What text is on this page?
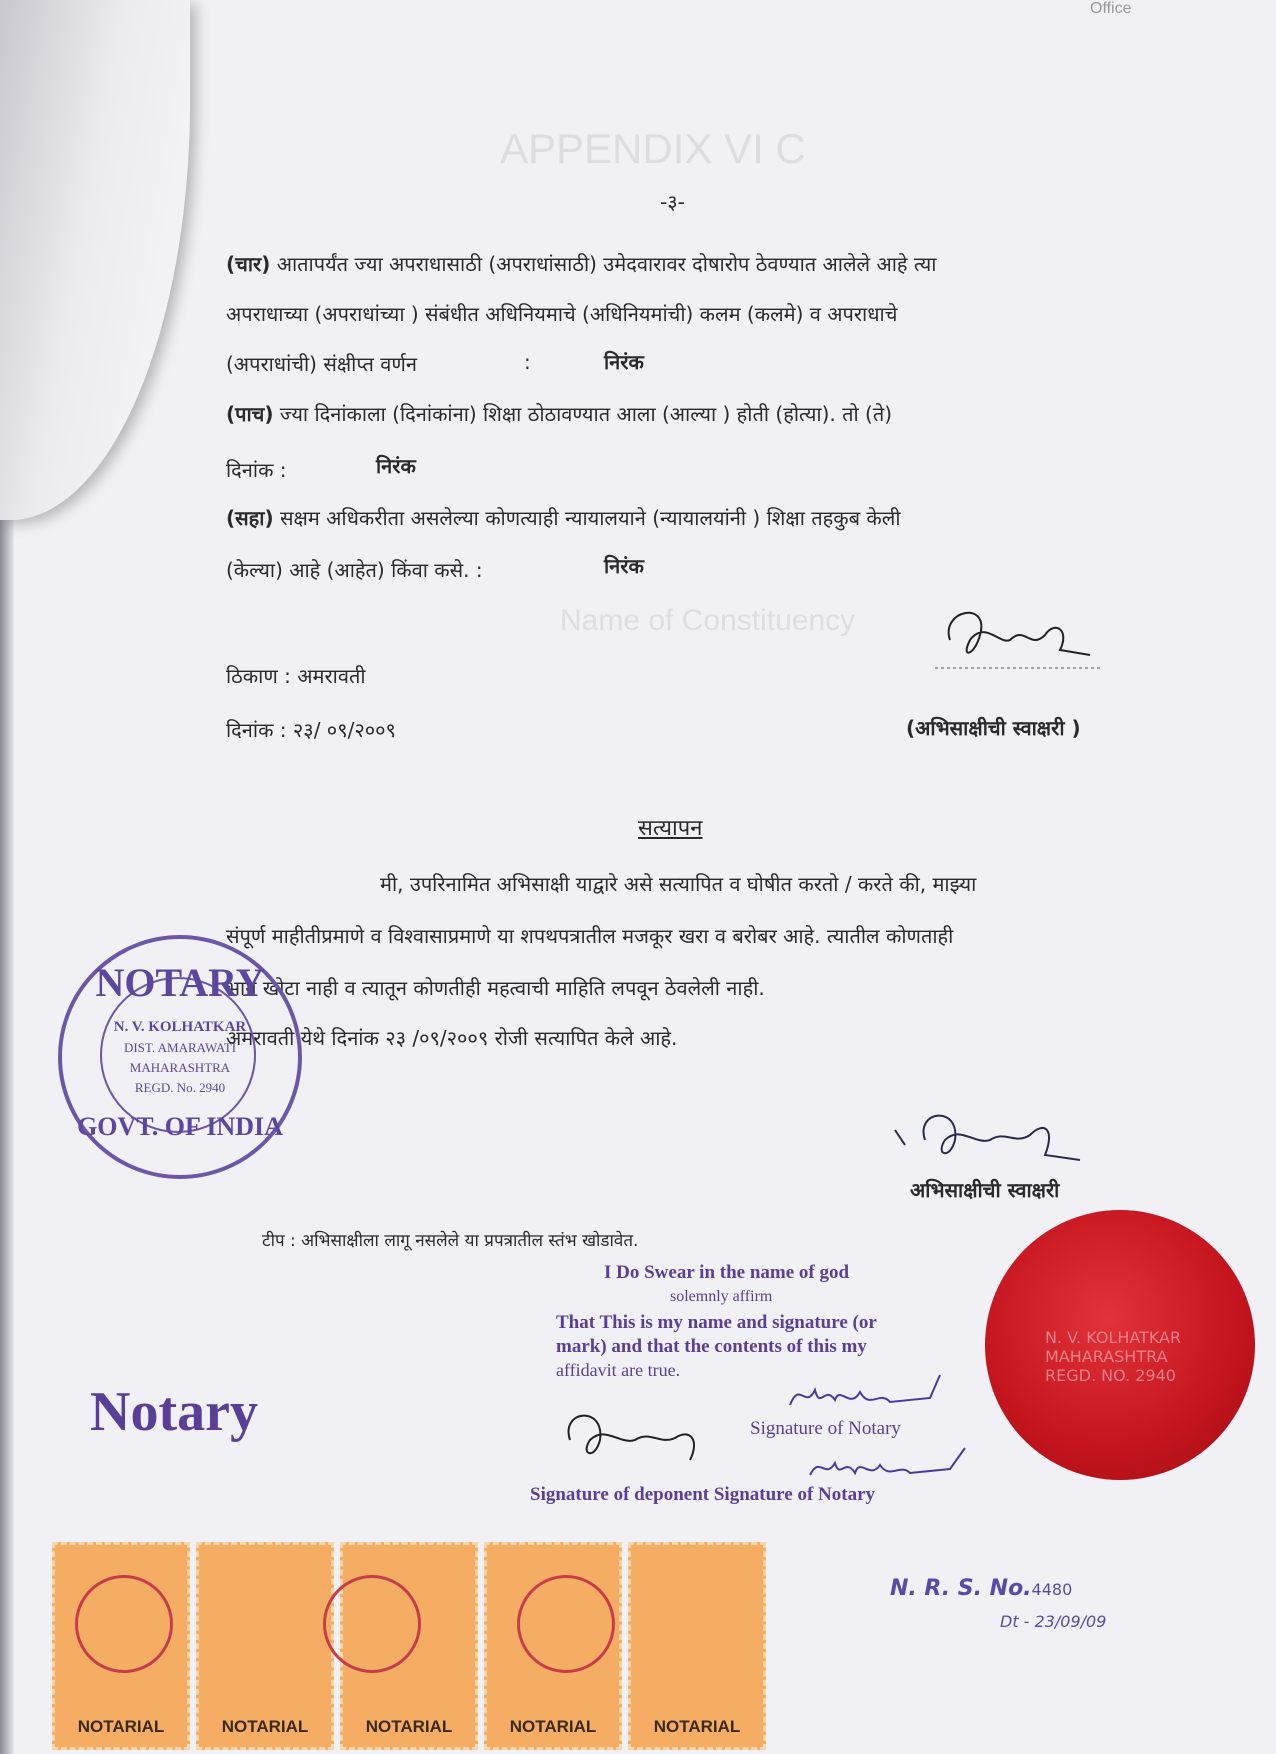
APPENDIX VI C
Name of Constituency
Office
-३-
(चार) आतापर्यंत ज्या अपराधासाठी (अपराधांसाठी) उमेदवारावर दोषारोप ठेवण्यात आलेले आहे त्या
अपराधाच्या (अपराधांच्या ) संबंधीत अधिनियमाचे (अधिनियमांची) कलम (कलमे) व अपराधाचे
(अपराधांची) संक्षीप्त वर्णन	:	निरंक
(पाच) ज्या दिनांकाला (दिनांकांना) शिक्षा ठोठावण्यात आला (आल्या ) होती (होत्या). तो (ते)
दिनांक :	निरंक
(सहा) सक्षम अधिकरीता असलेल्या कोणत्याही न्यायालयाने (न्यायालयांनी ) शिक्षा तहकुब केली
(केल्या) आहे (आहेत) किंवा कसे. :	निरंक
ठिकाण : अमरावती
दिनांक : २३/ ०९/२००९	(अभिसाक्षीची स्वाक्षरी )
सत्यापन
मी, उपरिनामित अभिसाक्षी याद्वारे असे सत्यापित व घोषीत करतो / करते की, माझ्या
संपूर्ण माहीतीप्रमाणे व विश्वासाप्रमाणे या शपथपत्रातील मजकूर खरा व बरोबर आहे. त्यातील कोणताही
भाग खोटा नाही व त्यातून कोणतीही महत्वाची माहिति लपवून ठेवलेली नाही.
अमरावती येथे दिनांक २३ /०९/२००९ रोजी सत्यापित केले आहे.
अभिसाक्षीची स्वाक्षरी
NOTARY
N. V. KOLHATKAR
DIST. AMARAWATI
MAHARASHTRA
REGD. No. 2940
GOVT. OF INDIA
टीप : अभिसाक्षीला लागू नसलेले या प्रपत्रातील स्तंभ खोडावेत.
I Do Swear in the name of god
solemnly affirm
That This is my name and signature (or
mark) and that the contents of this my
affidavit are true.
Notary	Signature of Notary
Signature of deponent Signature of Notary
N. V. KOLHATKAR MAHARASHTRA REGD. NO. 2940
NOTARIAL	NOTARIAL	NOTARIAL	NOTARIAL	NOTARIAL
N. R. S. No.4480
Dt - 23/09/09
